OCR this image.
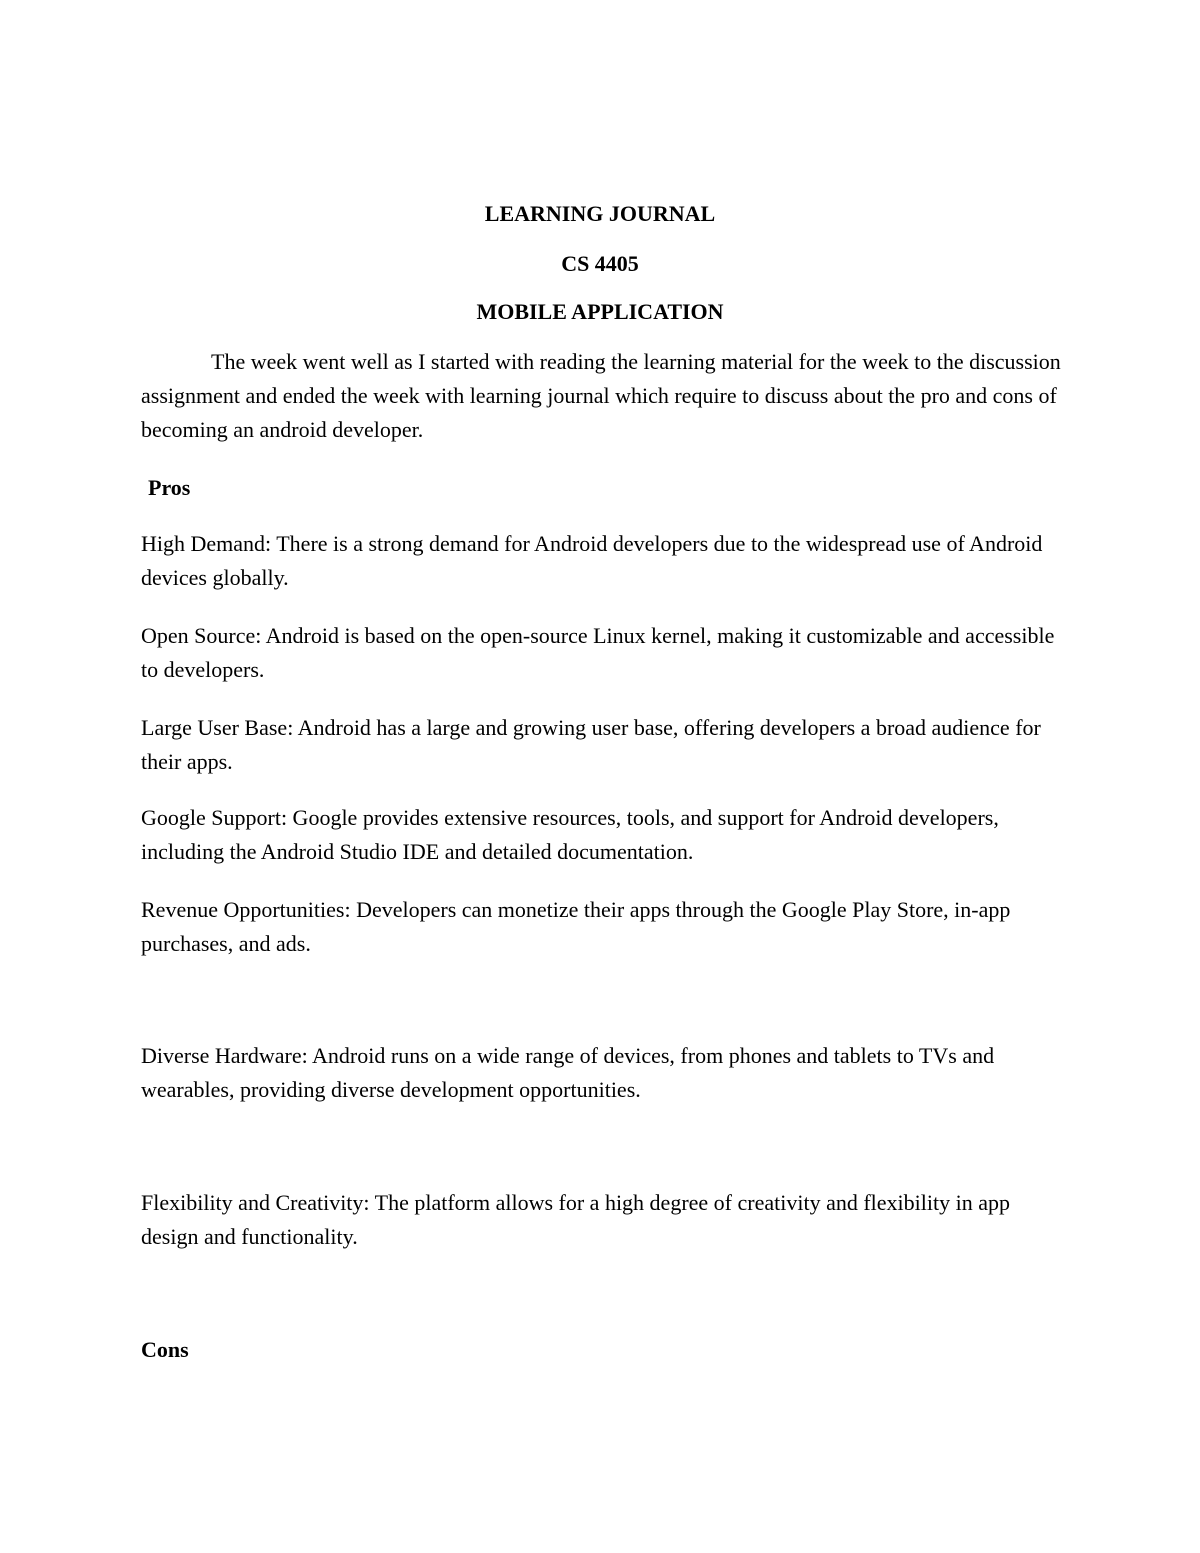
LEARNING JOURNAL
CS 4405
MOBILE APPLICATION
The week went well as I started with reading the learning material for the week to the discussion assignment and ended the week with learning journal which require to discuss about the pro and cons of becoming an android developer.
Pros
High Demand: There is a strong demand for Android developers due to the widespread use of Android devices globally.
Open Source: Android is based on the open-source Linux kernel, making it customizable and accessible to developers.
Large User Base: Android has a large and growing user base, offering developers a broad audience for their apps.
Google Support: Google provides extensive resources, tools, and support for Android developers, including the Android Studio IDE and detailed documentation.
Revenue Opportunities: Developers can monetize their apps through the Google Play Store, in-app purchases, and ads.
Diverse Hardware: Android runs on a wide range of devices, from phones and tablets to TVs and wearables, providing diverse development opportunities.
Flexibility and Creativity: The platform allows for a high degree of creativity and flexibility in app design and functionality.
Cons
